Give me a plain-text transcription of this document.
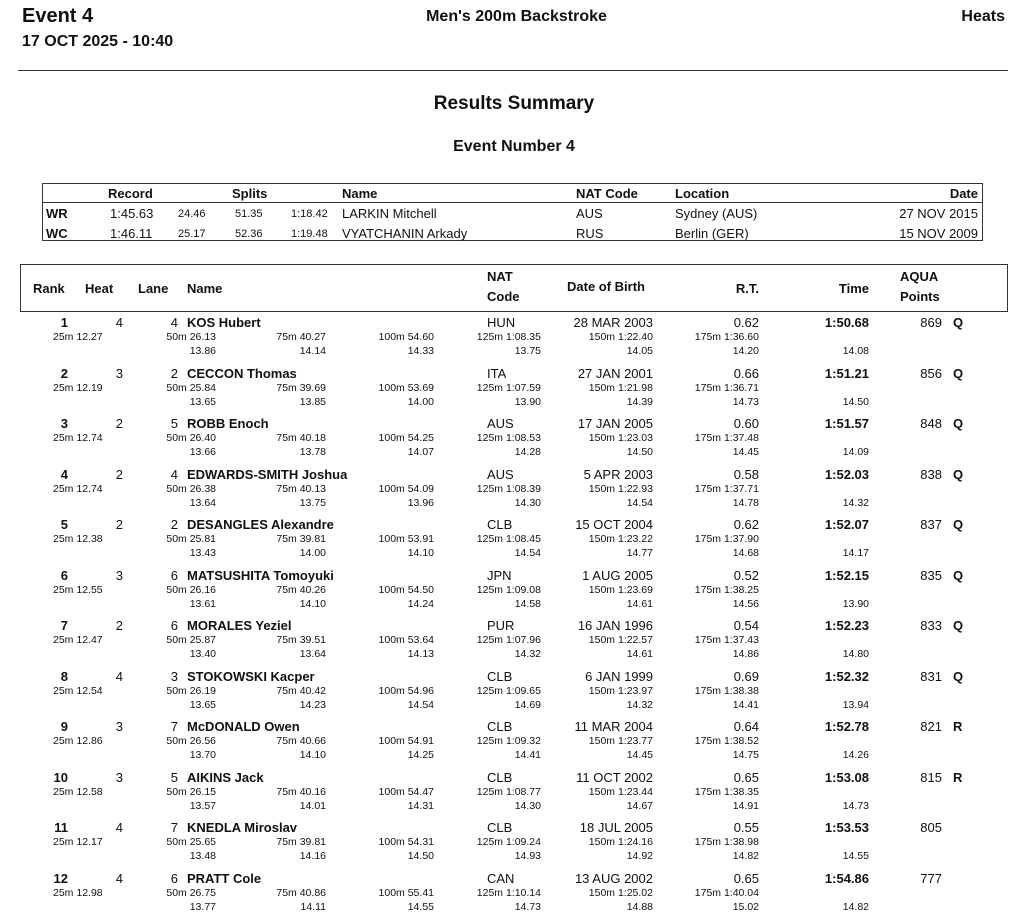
Event 4
17 OCT 2025 - 10:40
Men's 200m Backstroke	Heats
Results Summary
Event Number 4
Record	Splits	Name	NAT Code	Location	Date
WR	1:45.63 24.46	51.35	1:18.42 LARKIN Mitchell	AUS	Sydney (AUS)	27 NOV 2015
WC	1:46.11 25.17	52.36	1:19.48 VYATCHANIN Arkady	RUS	Berlin (GER)	15 NOV 2009
Rank Heat Lane Name
NAT
Code
Date of Birth	R.T.	Time
AQUA
Points
1	4	4 KOS Hubert	HUN	28 MAR 2003	0.62	1:50.68	869 Q
25m 12.27	50m 26.13	75m 40.27	100m 54.60	125m 1:08.35	150m 1:22.40	175m 1:36.60
13.86	14.14	14.33	13.75	14.05	14.20	14.08
2	3	2 CECCON Thomas	ITA	27 JAN 2001	0.66	1:51.21	856 Q
25m 12.19	50m 25.84	75m 39.69	100m 53.69	125m 1:07.59	150m 1:21.98	175m 1:36.71
13.65	13.85	14.00	13.90	14.39	14.73	14.50
3	2	5 ROBB Enoch	AUS	17 JAN 2005	0.60	1:51.57	848 Q
25m 12.74	50m 26.40	75m 40.18	100m 54.25	125m 1:08.53	150m 1:23.03	175m 1:37.48
13.66	13.78	14.07	14.28	14.50	14.45	14.09
4	2	4 EDWARDS-SMITH Joshua	AUS	5 APR 2003	0.58	1:52.03	838 Q
25m 12.74	50m 26.38	75m 40.13	100m 54.09	125m 1:08.39	150m 1:22.93	175m 1:37.71
13.64	13.75	13.96	14.30	14.54	14.78	14.32
5	2	2 DESANGLES Alexandre	CLB	15 OCT 2004	0.62	1:52.07	837 Q
25m 12.38	50m 25.81	75m 39.81	100m 53.91	125m 1:08.45	150m 1:23.22	175m 1:37.90
13.43	14.00	14.10	14.54	14.77	14.68	14.17
6	3	6 MATSUSHITA Tomoyuki	JPN	1 AUG 2005	0.52	1:52.15	835 Q
25m 12.55	50m 26.16	75m 40.26	100m 54.50	125m 1:09.08	150m 1:23.69	175m 1:38.25
13.61	14.10	14.24	14.58	14.61	14.56	13.90
7	2	6 MORALES Yeziel	PUR	16 JAN 1996	0.54	1:52.23	833 Q
25m 12.47	50m 25.87	75m 39.51	100m 53.64	125m 1:07.96	150m 1:22.57	175m 1:37.43
13.40	13.64	14.13	14.32	14.61	14.86	14.80
8	4	3 STOKOWSKI Kacper	CLB	6 JAN 1999	0.69	1:52.32	831 Q
25m 12.54	50m 26.19	75m 40.42	100m 54.96	125m 1:09.65	150m 1:23.97	175m 1:38.38
13.65	14.23	14.54	14.69	14.32	14.41	13.94
9	3	7 McDONALD Owen	CLB	11 MAR 2004	0.64	1:52.78	821 R
25m 12.86	50m 26.56	75m 40.66	100m 54.91	125m 1:09.32	150m 1:23.77	175m 1:38.52
13.70	14.10	14.25	14.41	14.45	14.75	14.26
10	3	5 AIKINS Jack	CLB	11 OCT 2002	0.65	1:53.08	815 R
25m 12.58	50m 26.15	75m 40.16	100m 54.47	125m 1:08.77	150m 1:23.44	175m 1:38.35
13.57	14.01	14.31	14.30	14.67	14.91	14.73
11	4	7 KNEDLA Miroslav	CLB	18 JUL 2005	0.55	1:53.53	805
25m 12.17	50m 25.65	75m 39.81	100m 54.31	125m 1:09.24	150m 1:24.16	175m 1:38.98
13.48	14.16	14.50	14.93	14.92	14.82	14.55
12	4	6 PRATT Cole	CAN	13 AUG 2002	0.65	1:54.86	777
25m 12.98	50m 26.75	75m 40.86	100m 55.41	125m 1:10.14	150m 1:25.02	175m 1:40.04
13.77	14.11	14.55	14.73	14.88	15.02	14.82
